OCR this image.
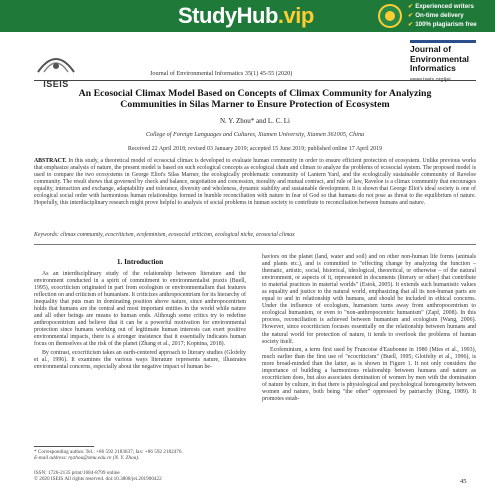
StudyHub.vip	✔ Experienced writers
✔ On-time delivery
✔ 100% plagiarism free
ISEIS
Journal of Environmental Informatics 35(1) 45-55 (2020)
Journal of
Environmental
Informatics
www.iseis.org/jei
An Ecosocial Climax Model Based on Concepts of Climax Community for Analyzing
Communities in Silas Marner to Ensure Protection of Ecosystem
N. Y. Zhou* and L. C. Li
College of Foreign Languages and Cultures, Xiamen University, Xiamen 361005, China
Received 22 April 2018; revised 03 January 2019; accepted 15 June 2019; published online 17 April 2019
ABSTRACT. In this study, a theoretical model of ecosocial climax is developed to evaluate human community in order to ensure efficient protection of ecosystem. Unlike previous works that emphasize analysis of nature, the present model is based on such ecological concepts as ecological chain and climax to analyze the problems of ecosocial system. The proposed model is used to compare the two ecosystems in George Eliot's Silas Marner, the ecologically problematic community of Lantern Yard, and the ecologically sustainable community of Raveloe community. The result shows that governed by check and balance, negotiation and concession, morality and mutual contract, and rule of law, Raveloe is a climax community that encourages equality, interaction and exchange, adaptability and tolerance, diversity and wholeness, dynamic stability and sustainable development. It is shown that George Eliot's ideal society is one of ecological social order with harmonious human relationships formed in humble reconciliation with nature in fear of God so that humans do not pose as threat to the equilibrium of nature. Hopefully, this interdisciplinary research might prove helpful to analysis of social problems in human society to contribute to reconciliation between humans and nature.
Keywords: climax community, ecocriticism, ecofeminism, ecosocial criticism, ecological niche, ecosocial climax
1. Introduction

As an interdisciplinary study of the relationship between literature and the environment conducted in a spirit of commitment to environmentalist praxis (Buell, 1995), ecocriticism originated in part from ecologism or environmentalism that features reflection on and criticism of humanism. It criticizes anthropocentrism for its hierarchy of inequality that puts man in dominating position above nature, since anthropocentrism holds that humans are the central and most important entities in the world while nature and all other beings are means to human ends. Although some critics try to redefine anthropocentrism and believe that it can be a powerful motivation for environmental protection since humans working out of legitimate human interests can exert positive environmental impacts, there is a stronger insistence that it essentially indicates human focus on themselves at the risk of the planet (Zhang et al., 2017; Kopnina, 2018).

By contrast, ecocriticism takes an earth-centered approach to literary studies (Glofelty et al., 1996). It examines the various ways literature represents nature, illustrates environmental concerns, especially about the negative impact of human be-

haviors on the planet (land, water and soil) and on other non-human life forms (animals and plants etc.), and is committed to "effecting change by analyzing the function – thematic, artistic, social, historical, ideological, theoretical, or otherwise – of the natural environment, or aspects of it, represented in documents (literary or other) that contribute to material practices in material worlds" (Estok, 2005). It extends such humanistic values as equality and justice to the natural world, emphasizing that all its non-human parts are equal to and in relationship with humans, and should be included in ethical concerns. Under the influence of ecologism, humanism turns away from anthropocentrism to ecological humanism, or even to "non-anthropocentric humanism" (Zapf, 2008). In this process, reconciliation is achieved between humanism and ecologism (Wang, 2006). However, since ecocriticism focuses essentially on the relationship between humans and the natural world for protection of nature, it tends to overlook the problems of human society itself.

Ecofeminism, a term first used by Francoise d'Eaubonne in 1980 (Mies et al., 1993), much earlier than the first use of "ecocriticism" (Buell, 1995; Glotfelty et al., 1996), is more broad-minded than the latter, as is shown in Figure 1. It not only considers the importance of building a harmonious relationship between humans and nature as ecocriticism does, but also associates domination of women by men with the domination of nature by culture, in that there is physiological and psychological homogeneity between women and nature, both being "the other" oppressed by patriarchy (King, 1989). It promotes estab-

* Corresponding author. Tel.: +86 592 2183637; fax: +86 592 2182476.
E-mail address: nyzhou@xmu.edu.cn (N. Y. Zhou).
ISSN: 1726-2135 print/1684-8799 online
© 2020 ISEIS All rights reserved. doi:10.3808/jei.201900422	45
